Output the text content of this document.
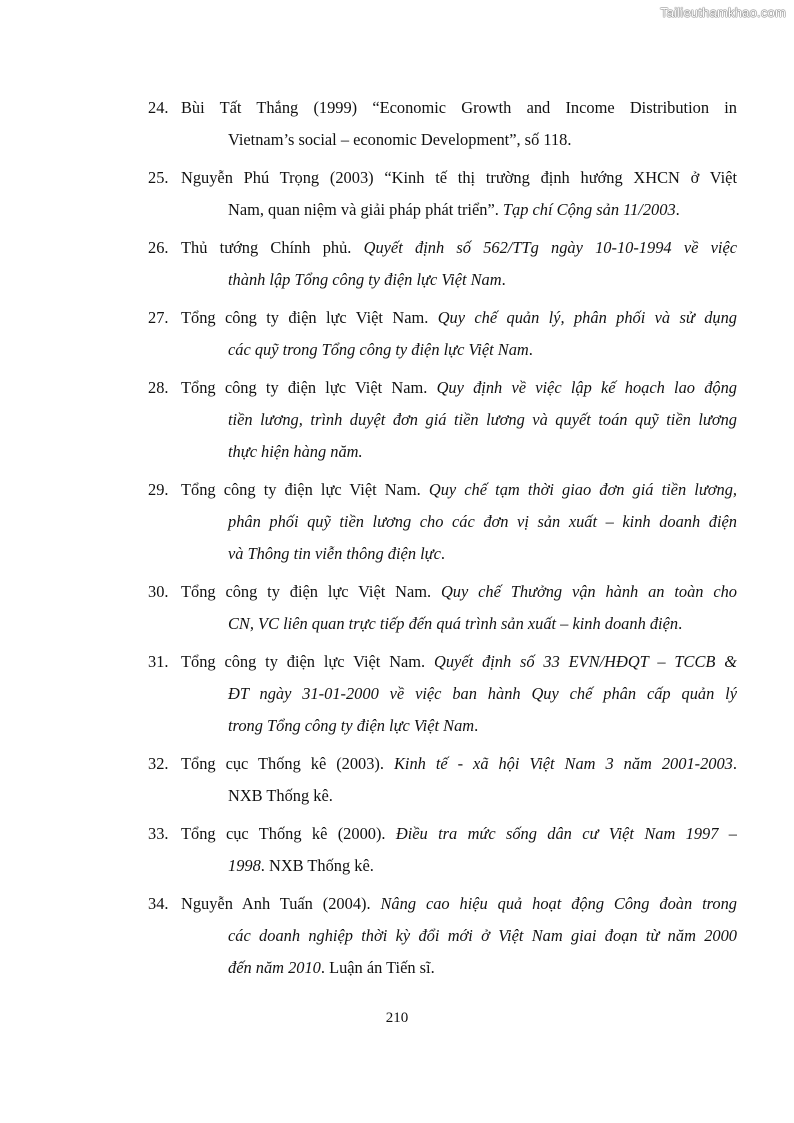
Tailieuthamkhao.com
24. Bùi Tất Thắng (1999) “Economic Growth and Income Distribution in
Vietnam’s social – economic Development”, số 118.
25. Nguyễn Phú Trọng (2003) “Kinh tế thị trường định hướng XHCN ở Việt
Nam, quan niệm và giải pháp phát triển”. Tạp chí Cộng sản 11/2003.
26. Thủ tướng Chính phủ. Quyết định số 562/TTg ngày 10-10-1994 về việc
thành lập Tổng công ty điện lực Việt Nam.
27. Tổng công ty điện lực Việt Nam. Quy chế quản lý, phân phối và sử dụng
các quỹ trong Tổng công ty điện lực Việt Nam.
28. Tổng công ty điện lực Việt Nam. Quy định về việc lập kế hoạch lao động
tiền lương, trình duyệt đơn giá tiền lương và quyết toán quỹ tiền lương
thực hiện hàng năm.
29. Tổng công ty điện lực Việt Nam. Quy chế tạm thời giao đơn giá tiền lương,
phân phối quỹ tiền lương cho các đơn vị sản xuất – kinh doanh điện
và Thông tin viễn thông điện lực.
30. Tổng công ty điện lực Việt Nam. Quy chế Thưởng vận hành an toàn cho
CN, VC liên quan trực tiếp đến quá trình sản xuất – kinh doanh điện.
31. Tổng công ty điện lực Việt Nam. Quyết định số 33 EVN/HĐQT – TCCB &
ĐT ngày 31-01-2000 về việc ban hành Quy chế phân cấp quản lý
trong Tổng công ty điện lực Việt Nam.
32. Tổng cục Thống kê (2003). Kinh tế - xã hội Việt Nam 3 năm 2001-2003.
NXB Thống kê.
33. Tổng cục Thống kê (2000). Điều tra mức sống dân cư Việt Nam 1997 –
1998. NXB Thống kê.
34. Nguyễn Anh Tuấn (2004). Nâng cao hiệu quả hoạt động Công đoàn trong
các doanh nghiệp thời kỳ đổi mới ở Việt Nam giai đoạn từ năm 2000
đến năm 2010. Luận án Tiến sĩ.
210
